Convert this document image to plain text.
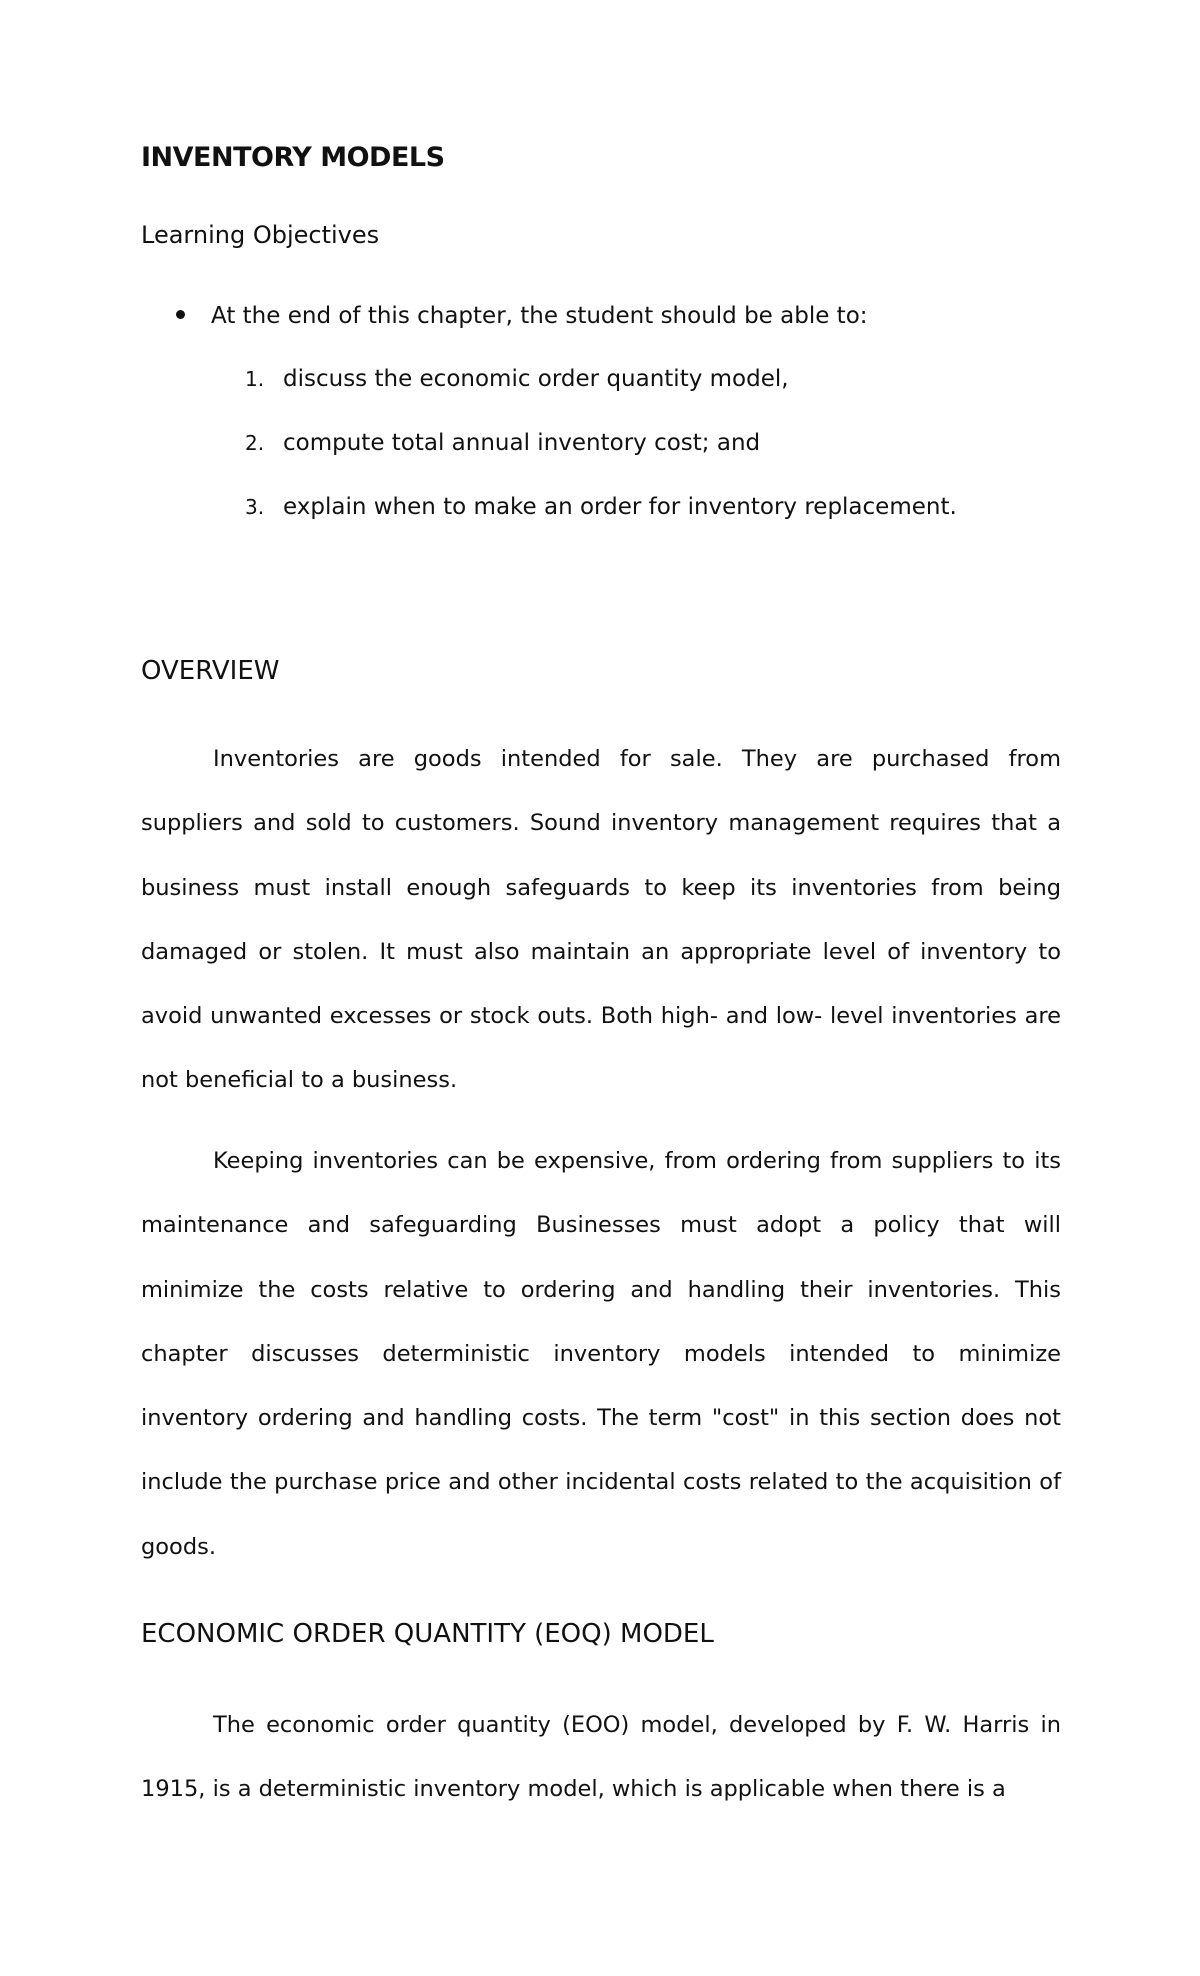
INVENTORY MODELS

Learning Objectives

At the end of this chapter, the student should be able to:

1. discuss the economic order quantity model,
2. compute total annual inventory cost; and
3. explain when to make an order for inventory replacement.
OVERVIEW

Inventories are goods intended for sale. They are purchased from suppliers and sold to customers. Sound inventory management requires that a business must install enough safeguards to keep its inventories from being damaged or stolen. It must also maintain an appropriate level of inventory to avoid unwanted excesses or stock outs. Both high- and low- level inventories are not beneficial to a business.

Keeping inventories can be expensive, from ordering from suppliers to its maintenance and safeguarding Businesses must adopt a policy that will minimize the costs relative to ordering and handling their inventories. This chapter discusses deterministic inventory models intended to minimize inventory ordering and handling costs. The term "cost" in this section does not include the purchase price and other incidental costs related to the acquisition of goods.

ECONOMIC ORDER QUANTITY (EOQ) MODEL

The economic order quantity (EOO) model, developed by F. W. Harris in 1915, is a deterministic inventory model, which is applicable when there is a
